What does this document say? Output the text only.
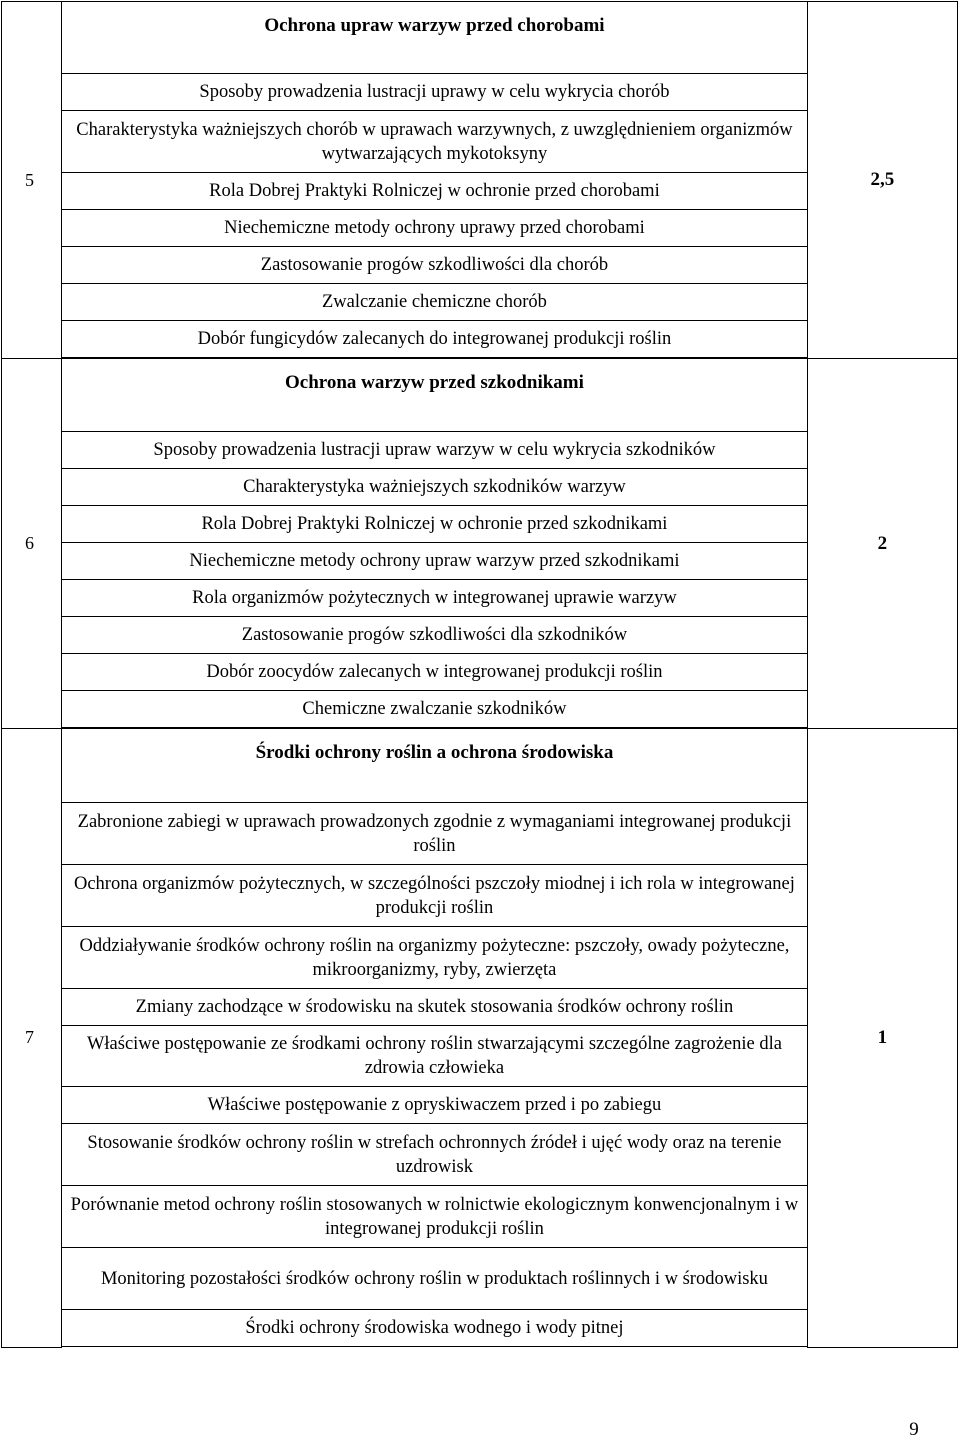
5	Ochrona upraw warzyw przed chorobami	2,5
	Sposoby prowadzenia lustracji uprawy w celu wykrycia chorób	
	Charakterystyka ważniejszych chorób w uprawach warzywnych, z uwzględnieniem organizmów wytwarzających mykotoksyny	
	Rola Dobrej Praktyki Rolniczej w ochronie przed chorobami	
	Niechemiczne metody ochrony uprawy przed chorobami	
	Zastosowanie progów szkodliwości dla chorób	
	Zwalczanie chemiczne chorób	
	Dobór fungicydów zalecanych do integrowanej produkcji roślin	

6	Ochrona warzyw przed szkodnikami	2
	Sposoby prowadzenia lustracji upraw warzyw w celu wykrycia szkodników	
	Charakterystyka ważniejszych szkodników warzyw	
	Rola Dobrej Praktyki Rolniczej w ochronie przed szkodnikami	
	Niechemiczne metody ochrony upraw warzyw przed szkodnikami	
	Rola organizmów pożytecznych w integrowanej uprawie warzyw	
	Zastosowanie progów szkodliwości dla szkodników	
	Dobór zoocydów zalecanych w integrowanej produkcji roślin	
	Chemiczne zwalczanie szkodników	

7	Środki ochrony roślin a ochrona środowiska	1
	Zabronione zabiegi w uprawach prowadzonych zgodnie z wymaganiami integrowanej produkcji roślin	
	Ochrona organizmów pożytecznych, w szczególności pszczoły miodnej i ich rola w integrowanej produkcji roślin	
	Oddziaływanie środków ochrony roślin na organizmy pożyteczne: pszczoły, owady pożyteczne, mikroorganizmy, ryby, zwierzęta	
	Zmiany zachodzące w środowisku na skutek stosowania środków ochrony roślin	
	Właściwe postępowanie ze środkami ochrony roślin stwarzającymi szczególne zagrożenie dla zdrowia człowieka	
	Właściwe postępowanie z opryskiwaczem przed i po zabiegu	
	Stosowanie środków ochrony roślin w strefach ochronnych źródeł i ujęć wody oraz na terenie uzdrowisk	
	Porównanie metod ochrony roślin stosowanych w rolnictwie ekologicznym konwencjonalnym i w integrowanej produkcji roślin	
	Monitoring pozostałości środków ochrony roślin w produktach roślinnych i w środowisku	
	Środki ochrony środowiska wodnego i wody pitnej	

9
